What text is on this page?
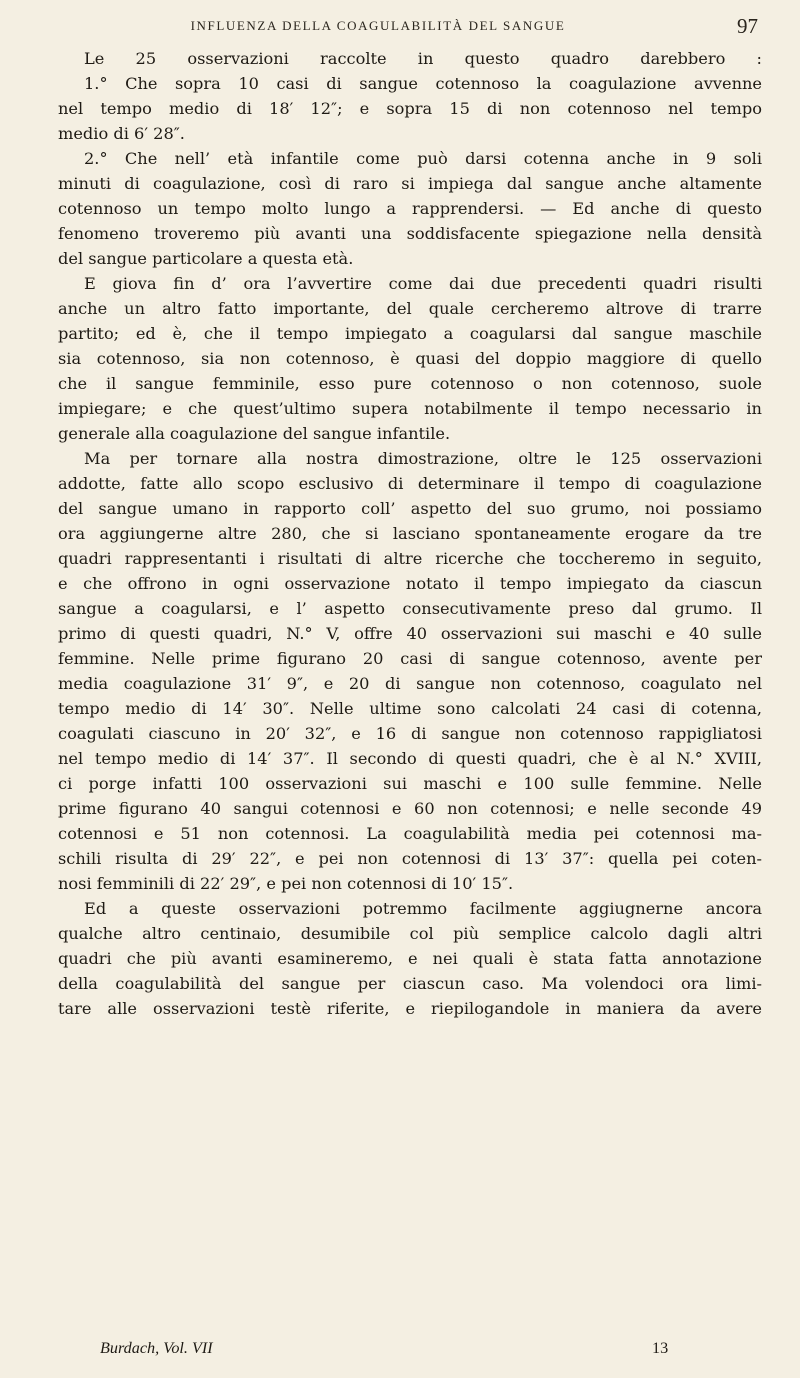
INFLUENZA DELLA COAGULABILITÀ DEL SANGUE	97
Le 25 osservazioni raccolte in questo quadro darebbero :
1.° Che sopra 10 casi di sangue cotennoso la coagulazione avvenne
nel tempo medio di 18′ 12″; e sopra 15 di non cotennoso nel tempo
medio di 6′ 28″.
2.° Che nell’ età infantile come può darsi cotenna anche in 9 soli
minuti di coagulazione, così di raro si impiega dal sangue anche altamente
cotennoso un tempo molto lungo a rapprendersi. — Ed anche di questo
fenomeno troveremo più avanti una soddisfacente spiegazione nella densità
del sangue particolare a questa età.
E giova fin d’ ora l’avvertire come dai due precedenti quadri risulti
anche un altro fatto importante, del quale cercheremo altrove di trarre
partito; ed è, che il tempo impiegato a coagularsi dal sangue maschile
sia cotennoso, sia non cotennoso, è quasi del doppio maggiore di quello
che il sangue femminile, esso pure cotennoso o non cotennoso, suole
impiegare; e che quest’ultimo supera notabilmente il tempo necessario in
generale alla coagulazione del sangue infantile.
Ma per tornare alla nostra dimostrazione, oltre le 125 osservazioni
addotte, fatte allo scopo esclusivo di determinare il tempo di coagulazione
del sangue umano in rapporto coll’ aspetto del suo grumo, noi possiamo
ora aggiungerne altre 280, che si lasciano spontaneamente erogare da tre
quadri rappresentanti i risultati di altre ricerche che toccheremo in seguito,
e che offrono in ogni osservazione notato il tempo impiegato da ciascun
sangue a coagularsi, e l’ aspetto consecutivamente preso dal grumo. Il
primo di questi quadri, N.° V, offre 40 osservazioni sui maschi e 40 sulle
femmine. Nelle prime figurano 20 casi di sangue cotennoso, avente per
media coagulazione 31′ 9″, e 20 di sangue non cotennoso, coagulato nel
tempo medio di 14′ 30″. Nelle ultime sono calcolati 24 casi di cotenna,
coagulati ciascuno in 20′ 32″, e 16 di sangue non cotennoso rappigliatosi
nel tempo medio di 14′ 37″. Il secondo di questi quadri, che è al N.° XVIII,
ci porge infatti 100 osservazioni sui maschi e 100 sulle femmine. Nelle
prime figurano 40 sangui cotennosi e 60 non cotennosi; e nelle seconde 49
cotennosi e 51 non cotennosi. La coagulabilità media pei cotennosi ma-
schili risulta di 29′ 22″, e pei non cotennosi di 13′ 37″: quella pei coten-
nosi femminili di 22′ 29″, e pei non cotennosi di 10′ 15″.
Ed a queste osservazioni potremmo facilmente aggiugnerne ancora
qualche altro centinaio, desumibile col più semplice calcolo dagli altri
quadri che più avanti esamineremo, e nei quali è stata fatta annotazione
della coagulabilità del sangue per ciascun caso. Ma volendoci ora limi-
tare alle osservazioni testè riferite, e riepilogandole in maniera da avere
Burdach, Vol. VII	13
